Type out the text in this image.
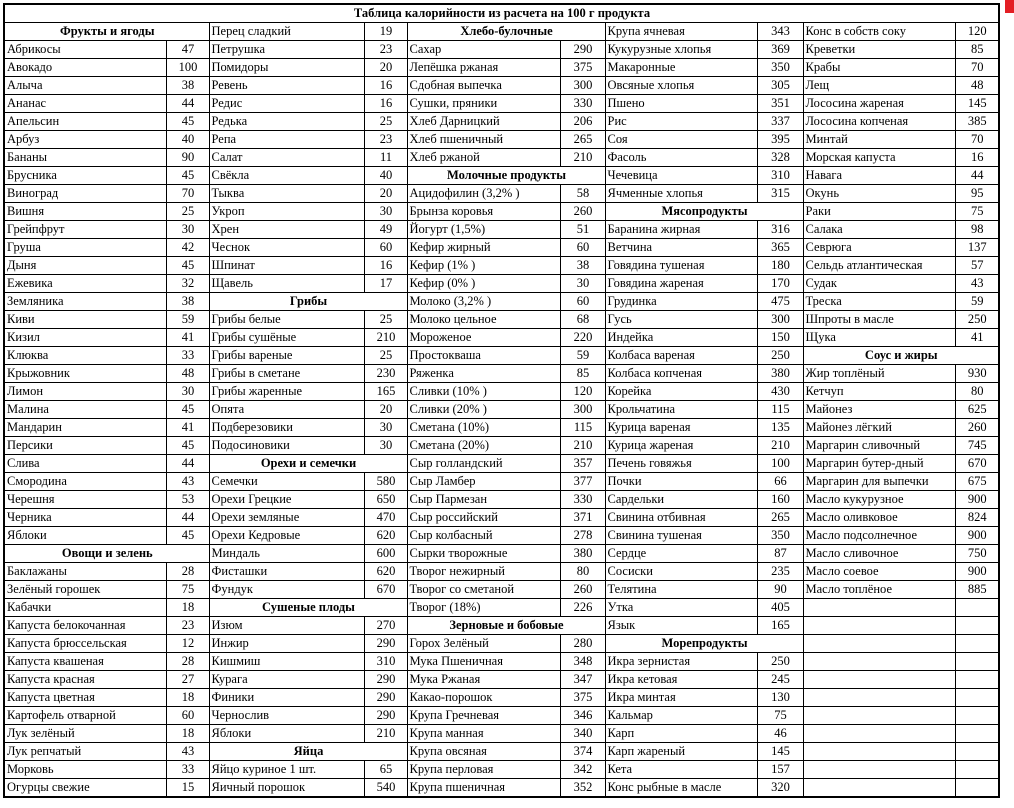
Таблица калорийности из расчета на 100 г продукта									
Фрукты и ягоды		Перец сладкий	19	Хлебо-булочные		Крупа ячневая	343	Конс в собств соку	120
Абрикосы	47	Петрушка	23	Сахар	290	Кукурузные хлопья	369	Креветки	85
Авокадо	100	Помидоры	20	Лепёшка ржаная	375	Макаронные	350	Крабы	70
Алыча	38	Ревень	16	Сдобная выпечка	300	Овсяные хлопья	305	Лещ	48
Ананас	44	Редис	16	Сушки, пряники	330	Пшено	351	Лососина жареная	145
Апельсин	45	Редька	25	Хлеб Дарницкий	206	Рис	337	Лососина копченая	385
Арбуз	40	Репа	23	Хлеб пшеничный	265	Соя	395	Минтай	70
Бананы	90	Салат	11	Хлеб ржаной	210	Фасоль	328	Морская капуста	16
Брусника	45	Свёкла	40	Молочные продукты		Чечевица	310	Навага	44
Виноград	70	Тыква	20	Ацидофилин (3,2% )	58	Ячменные хлопья	315	Окунь	95
Вишня	25	Укроп	30	Брынза коровья	260	Мясопродукты		Раки	75
Грейпфрут	30	Хрен	49	Йогурт (1,5%)	51	Баранина жирная	316	Салака	98
Груша	42	Чеснок	60	Кефир жирный	60	Ветчина	365	Севрюга	137
Дыня	45	Шпинат	16	Кефир (1% )	38	Говядина тушеная	180	Сельдь атлантическая	57
Ежевика	32	Щавель	17	Кефир (0% )	30	Говядина жареная	170	Судак	43
Земляника	38	Грибы		Молоко (3,2% )	60	Грудинка	475	Треска	59
Киви	59	Грибы белые	25	Молоко цельное	68	Гусь	300	Шпроты в масле	250
Кизил	41	Грибы сушёные	210	Мороженое	220	Индейка	150	Щука	41
Клюква	33	Грибы вареные	25	Простокваша	59	Колбаса вареная	250	Соус и жиры	
Крыжовник	48	Грибы в сметане	230	Ряженка	85	Колбаса копченая	380	Жир топлёный	930
Лимон	30	Грибы жаренные	165	Сливки (10% )	120	Корейка	430	Кетчуп	80
Малина	45	Опята	20	Сливки (20% )	300	Крольчатина	115	Майонез	625
Мандарин	41	Подберезовики	30	Сметана (10%)	115	Курица вареная	135	Майонез лёгкий	260
Персики	45	Подосиновики	30	Сметана (20%)	210	Курица жареная	210	Маргарин сливочный	745
Слива	44	Орехи и семечки		Сыр голландский	357	Печень говяжья	100	Маргарин бутер-дный	670
Смородина	43	Семечки	580	Сыр Ламбер	377	Почки	66	Маргарин для выпечки	675
Черешня	53	Орехи Грецкие	650	Сыр Пармезан	330	Сардельки	160	Масло кукурузное	900
Черника	44	Орехи земляные	470	Сыр российский	371	Свинина отбивная	265	Масло оливковое	824
Яблоки	45	Орехи Кедровые	620	Сыр колбасный	278	Свинина тушеная	350	Масло подсолнечное	900
Овощи и зелень		Миндаль	600	Сырки творожные	380	Сердце	87	Масло сливочное	750
Баклажаны	28	Фисташки	620	Творог нежирный	80	Сосиски	235	Масло соевое	900
Зелёный горошек	75	Фундук	670	Творог со сметаной	260	Телятина	90	Масло топлёное	885
Кабачки	18	Сушеные плоды		Творог (18%)	226	Утка	405		
Капуста белокочанная	23	Изюм	270	Зерновые и бобовые		Язык	165		
Капуста брюссельская	12	Инжир	290	Горох Зелёный	280	Морепродукты			
Капуста квашеная	28	Кишмиш	310	Мука Пшеничная	348	Икра зернистая	250		
Капуста красная	27	Курага	290	Мука Ржаная	347	Икра кетовая	245		
Капуста цветная	18	Финики	290	Какао-порошок	375	Икра минтая	130		
Картофель отварной	60	Чернослив	290	Крупа Гречневая	346	Кальмар	75		
Лук зелёный	18	Яблоки	210	Крупа манная	340	Карп	46		
Лук репчатый	43	Яйца		Крупа овсяная	374	Карп жареный	145		
Морковь	33	Яйцо куриное 1 шт.	65	Крупа перловая	342	Кета	157		
Огурцы свежие	15	Яичный порошок	540	Крупа пшеничная	352	Конс рыбные в масле	320		
